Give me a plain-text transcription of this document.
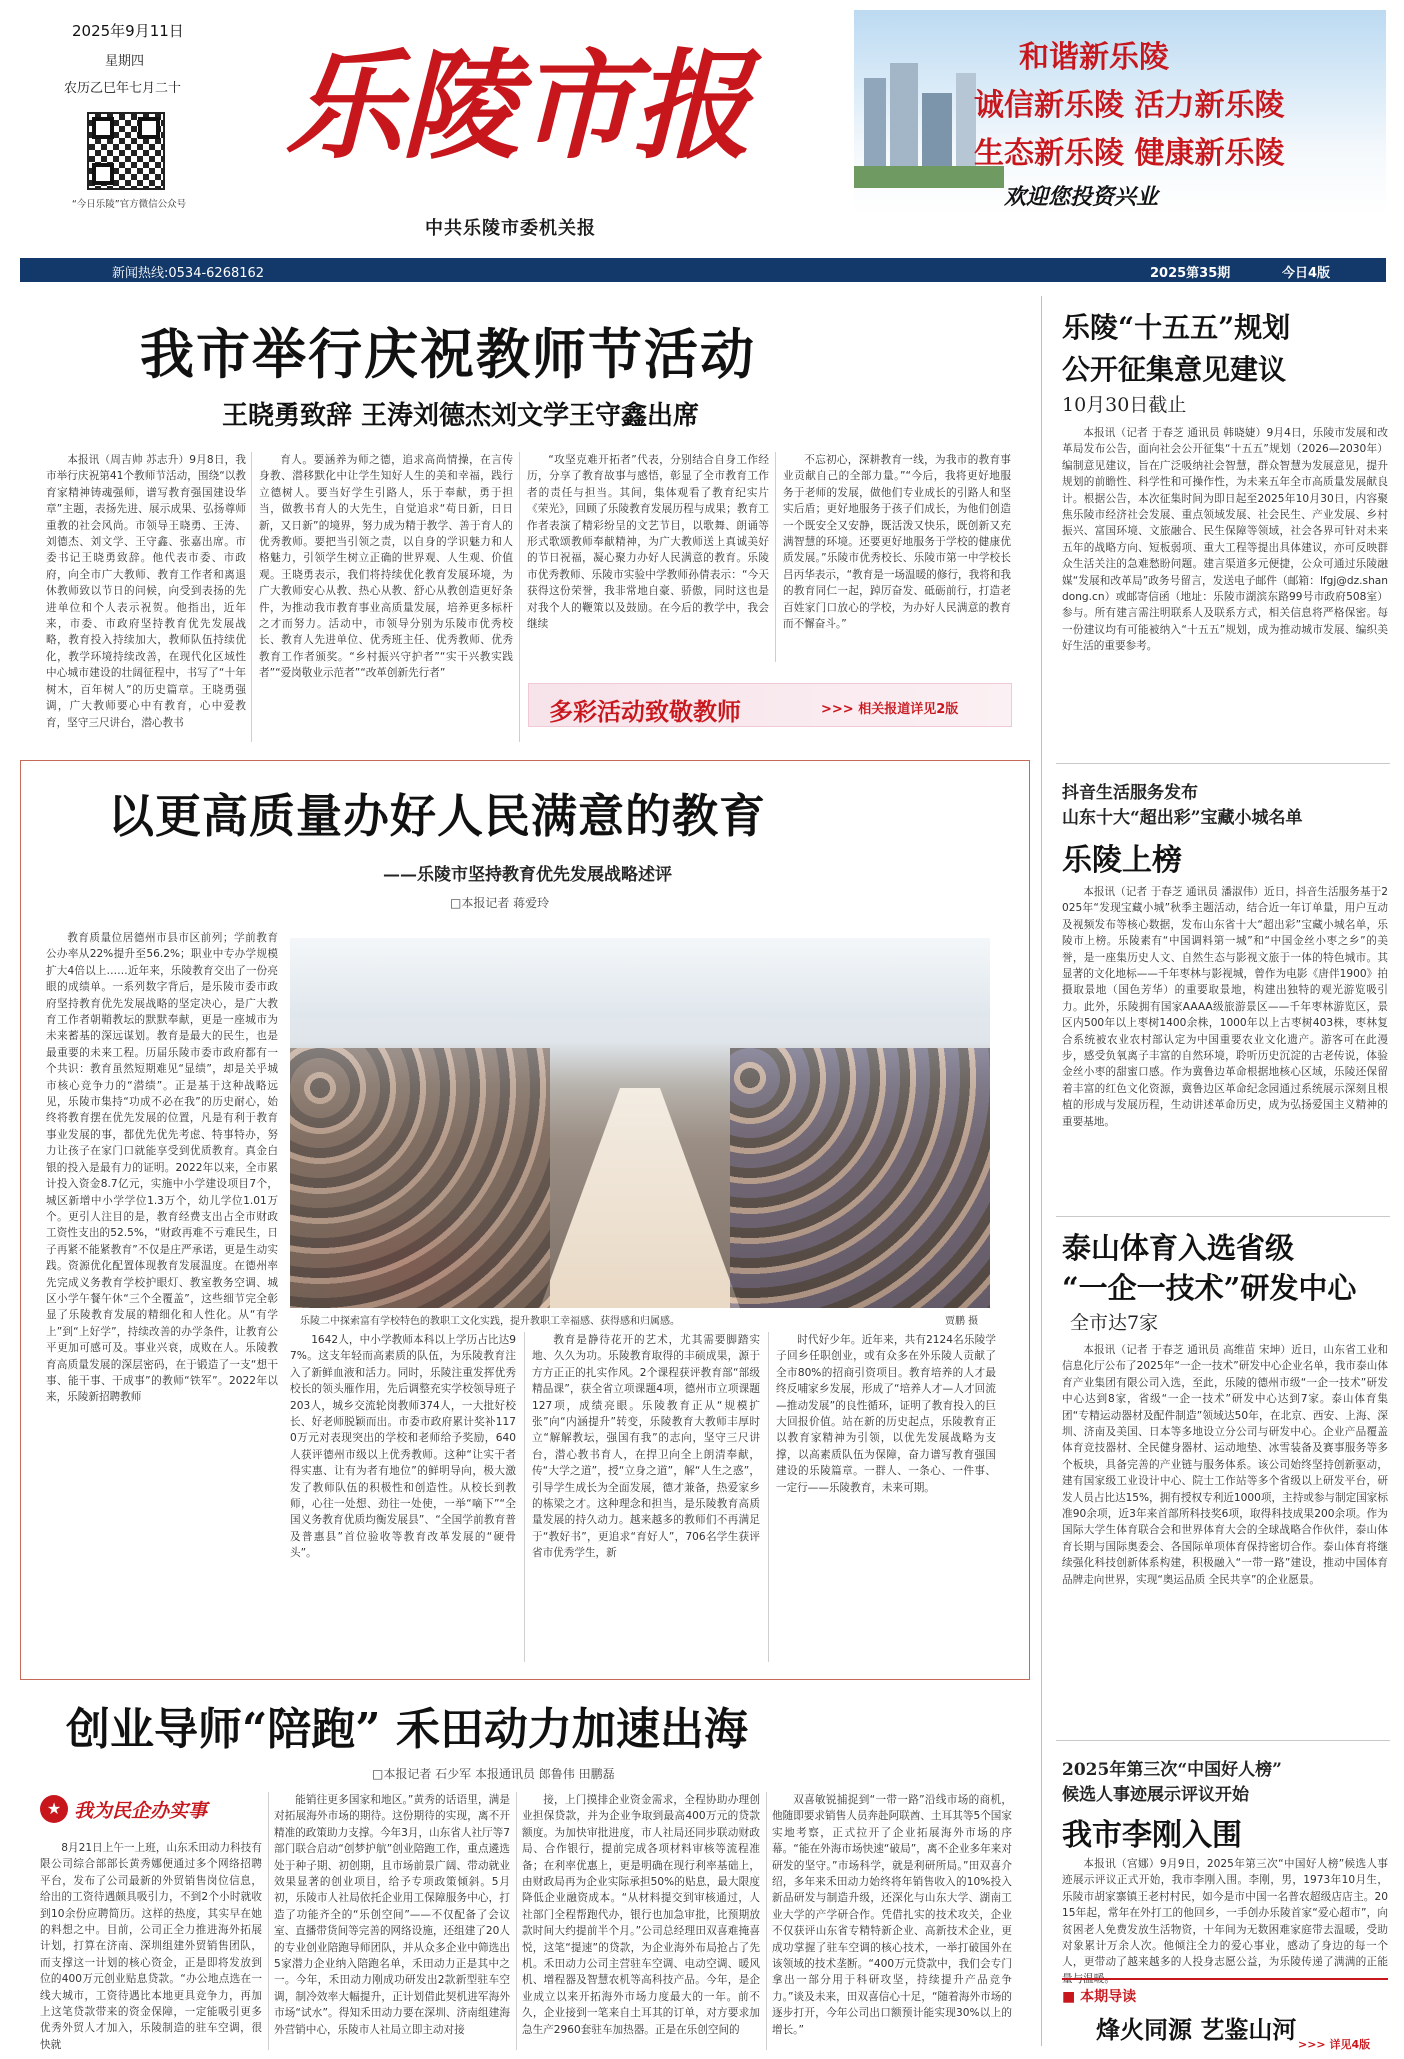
2025年9月11日
星期四
农历乙巳年七月二十
“今日乐陵”官方微信公众号
乐陵市报
中共乐陵市委机关报
和谐新乐陵
诚信新乐陵 活力新乐陵
生态新乐陵 健康新乐陵
欢迎您投资兴业
新闻热线:0534-6268162	2025第35期	今日4版
我市举行庆祝教师节活动
王晓勇致辞 王涛刘德杰刘文学王守鑫出席

本报讯（周吉帅 苏志升）9月8日，我市举行庆祝第41个教师节活动，围绕“以教育家精神铸魂强师，谱写教育强国建设华章”主题，表扬先进、展示成果、弘扬尊师重教的社会风尚。市领导王晓勇、王涛、刘德杰、刘文学、王守鑫、张嘉出席。市委书记王晓勇致辞。他代表市委、市政府，向全市广大教师、教育工作者和离退休教师致以节日的问候，向受到表扬的先进单位和个人表示祝贺。他指出，近年来，市委、市政府坚持教育优先发展战略，教育投入持续加大，教师队伍持续优化，教学环境持续改善，在现代化区域性中心城市建设的壮阔征程中，书写了“十年树木，百年树人”的历史篇章。王晓勇强调，广大教师要心中有教育，心中爱教育，坚守三尺讲台，潜心教书

育人。要涵养为师之德，追求高尚情操，在言传身教、潜移默化中让学生知好人生的美和幸福，践行立德树人。要当好学生引路人，乐于奉献，勇于担当，做教书育人的大先生，自觉追求“苟日新，日日新，又日新”的境界，努力成为精于教学、善于育人的优秀教师。要把当引领之责，以自身的学识魅力和人格魅力，引领学生树立正确的世界观、人生观、价值观。王晓勇表示，我们将持续优化教育发展环境，为广大教师安心从教、热心从教、舒心从教创造更好条件，为推动我市教育事业高质量发展，培养更多标杆之才而努力。活动中，市领导分别为乐陵市优秀校长、教育人先进单位、优秀班主任、优秀教师、优秀教育工作者颁奖。“乡村振兴守护者”“实干兴教实践者”“爱岗敬业示范者”“改革创新先行者”

“攻坚克难开拓者”代表，分别结合自身工作经历，分享了教育故事与感悟，彰显了全市教育工作者的责任与担当。其间，集体观看了教育纪实片《荣光》，回顾了乐陵教育发展历程与成果；教育工作者表演了精彩纷呈的文艺节目，以歌舞、朗诵等形式歌颂教师奉献精神，为广大教师送上真诚美好的节日祝福，凝心聚力办好人民满意的教育。乐陵市优秀教师、乐陵市实验中学教师孙倩表示：“今天获得这份荣誉，我非常地自豪、骄傲，同时这也是对我个人的鞭策以及鼓励。在今后的教学中，我会继续

不忘初心，深耕教育一线，为我市的教育事业贡献自己的全部力量。”“今后，我将更好地服务于老师的发展，做他们专业成长的引路人和坚实后盾；更好地服务于孩子们成长，为他们创造一个既安全又安静，既活泼又快乐，既创新又充满智慧的环境。还要更好地服务于学校的健康优质发展。”乐陵市优秀校长、乐陵市第一中学校长吕丙华表示，“教育是一场温暖的修行，我将和我的教育同仁一起，踔厉奋发、砥砺前行，打造老百姓家门口放心的学校，为办好人民满意的教育而不懈奋斗。”

多彩活动致敬教师	>>> 相关报道详见2版
以更高质量办好人民满意的教育
——乐陵市坚持教育优先发展战略述评
□本报记者 蒋爱玲

教育质量位居德州市县市区前列；学前教育公办率从22%提升至56.2%；职业中专办学规模扩大4倍以上……近年来，乐陵教育交出了一份亮眼的成绩单。一系列数字背后，是乐陵市委市政府坚持教育优先发展战略的坚定决心，是广大教育工作者朝鞘教坛的默默奉献，更是一座城市为未来蓄基的深远谋划。教育是最大的民生，也是最重要的未来工程。历届乐陵市委市政府都有一个共识：教育虽然短期难见“显绩”，却是关乎城市核心竞争力的“潜绩”。正是基于这种战略远见，乐陵市集持“功成不必在我”的历史耐心，始终将教育摆在优先发展的位置，凡是有利于教育事业发展的事，都优先优先考虑、特事特办，努力让孩子在家门口就能享受到优质教育。真金白银的投入是最有力的证明。2022年以来，全市累计投入资金8.7亿元，实施中小学建设项目7个，城区新增中小学学位1.3万个，幼儿学位1.01万个。更引人注目的是，教育经费支出占全市财政工资性支出的52.5%，“财政再难不亏难民生，日子再紧不能紧教育”不仅是庄严承诺，更是生动实践。资源优化配置体现教育发展温度。在德州率先完成义务教育学校护眼灯、教室教务空调、城区小学午餐午休“三个全覆盖”，这些细节完全彰显了乐陵教育发展的精细化和人性化。从“有学上”到“上好学”，持续改善的办学条件，让教育公平更加可感可及。事业兴衰，成败在人。乐陵教育高质量发展的深层密码，在于锻造了一支“想干事、能干事、干成事”的教师“铁军”。2022年以来，乐陵新招聘教师

乐陵二中探索富有学校特色的教职工文化实践，提升教职工幸福感、获得感和归属感。	贾鹏 摄

1642人，中小学教师本科以上学历占比达97%。这支年轻而高素质的队伍，为乐陵教育注入了新鲜血液和活力。同时，乐陵注重发挥优秀校长的领头雁作用，先后调整充实学校领导班子203人，城乡交流轮岗教师374人，一大批好校长、好老师脱颖而出。市委市政府累计奖补1170万元对表现突出的学校和老师给予奖励，640人获评德州市级以上优秀教师。这种“让实干者得实惠、让有为者有地位”的鲜明导向，极大激发了教师队伍的积极性和创造性。从校长到教师，心往一处想、劲往一处使，一举“嘀下”“全国义务教育优质均衡发展县”、“全国学前教育普及普惠县”首位验收等教育改革发展的“硬骨头”。

教育是静待花开的艺术，尤其需要脚踏实地、久久为功。乐陵教育取得的丰硕成果，源于方方正正的扎实作风。2个课程获评教育部“部级精品课”，获全省立项课题4项，德州市立项课题127项，成绩亮眼。乐陵教育正从“规模扩张”向“内涵提升”转变，乐陵教育大教师丰厚时立“解解教坛，强国有我”的志向，坚守三尺讲台，潜心教书育人，在捍卫向全上朗清奉献，传“大学之道”，授“立身之道”，解“人生之惑”，引导学生成长为全面发展，德才兼备，热爱家乡的栋梁之才。这种理念和担当，是乐陵教育高质量发展的持久动力。越来越多的教师们不再满足于“教好书”，更追求“育好人”，706名学生获评省市优秀学生，新

时代好少年。近年来，共有2124名乐陵学子回乡任职创业，或有众多在外乐陵人贡献了全市80%的招商引资项目。教育培养的人才最终反哺家乡发展，形成了“培养人才—人才回流—推动发展”的良性循环，证明了教育投入的巨大回报价值。站在新的历史起点，乐陵教育正以教育家精神为引领，以优先发展战略为支撑，以高素质队伍为保障，奋力谱写教育强国建设的乐陵篇章。一群人、一条心、一件事、一定行——乐陵教育，未来可期。

创业导师“陪跑” 禾田动力加速出海
□本报记者 石少军 本报通讯员 郎鲁伟 田鹏磊
★ 我为民企办实事

8月21日上午一上班，山东禾田动力科技有限公司综合部部长黄秀娜便通过多个网络招聘平台，发布了公司最新的外贸销售岗位信息，给出的工资待遇颇具吸引力，不到2个小时就收到10余份应聘简历。这样的热度，其实早在她的料想之中。目前，公司正全力推进海外拓展计划，打算在济南、深圳组建外贸销售团队，而支撑这一计划的核心资金，正是即将发放到位的400万元创业贴息贷款。“办公地点选在一线大城市，工资待遇比本地更具竞争力，再加上这笔贷款带来的资金保障，一定能吸引更多优秀外贸人才加入，乐陵制造的驻车空调，很快就

能销往更多国家和地区。”黄秀的话语里，满是对拓展海外市场的期待。这份期待的实现，离不开精准的政策助力支撑。今年3月，山东省人社厅等7部门联合启动“创梦护航”创业陪跑工作，重点遴选处于种子期、初创期，且市场前景广阔、带动就业效果显著的创业项目，给予专项政策倾斜。5月初，乐陵市人社局依托企业用工保障服务中心，打造了功能齐全的“乐创空间”——不仅配备了会议室、直播带货间等完善的网络设施，还组建了20人的专业创业陪跑导师团队，并从众多企业中筛选出5家潜力企业纳入陪跑名单，禾田动力正是其中之一。今年，禾田动力刚成功研发出2款新型驻车空调，制冷效率大幅提升，正计划借此契机进军海外市场“试水”。得知禾田动力要在深圳、济南组建海外营销中心，乐陵市人社局立即主动对接

接，上门摸排企业资金需求，全程协助办理创业担保贷款，并为企业争取到最高400万元的贷款额度。为加快审批进度，市人社局还同步联动财政局、合作银行，提前完成各项材料审核等流程准备；在利率优惠上，更是明确在现行利率基础上，由财政局再为企业实际承担50%的贴息，最大限度降低企业融资成本。“从材料提交到审核通过，人社部门全程帮跑代办，银行也加急审批，比预期放款时间大约提前半个月。”公司总经理田双喜难掩喜悦，这笔“提速”的贷款，为企业海外布局抢占了先机。禾田动力公司主营驻车空调、电动空调、暖风机、增程器及智慧农机等高科技产品。今年，是企业成立以来开拓海外市场力度最大的一年。前不久，企业接到一笔来自土耳其的订单，对方要求加急生产2960套驻车加热器。正是在乐创空间的

双喜敏锐捕捉到“一带一路”沿线市场的商机，他随即要求销售人员奔赴阿联酋、土耳其等5个国家实地考察，正式拉开了企业拓展海外市场的序幕。“能在外海市场快速“破局”，离不企业多年来对研发的坚守。”市场科学，就是利研所局。”田双喜介绍，多年来禾田动力始终将年销售收入的10%投入新品研发与制造升级，还深化与山东大学、湖南工业大学的产学研合作。凭借扎实的技术攻关，企业不仅获评山东省专精特新企业、高新技术企业，更成功掌握了驻车空调的核心技术，一举打破国外在该领域的技术垄断。“400万元贷款中，我们会专门拿出一部分用于科研攻坚，持续提升产品竞争力。”谈及未来，田双喜信心十足，“随着海外市场的逐步打开，今年公司出口额预计能实现30%以上的增长。”

乐陵“十五五”规划
公开征集意见建议
10月30日截止

本报讯（记者 于春芝 通讯员 韩晓婕）9月4日，乐陵市发展和改革局发布公告，面向社会公开征集“十五五”规划（2026—2030年）编制意见建议，旨在广泛吸纳社会智慧，群众智慧为发展意见，提升规划的前瞻性、科学性和可操作性，为未来五年全市高质量发展献良计。根据公告，本次征集时间为即日起至2025年10月30日，内容聚焦乐陵市经济社会发展、重点领域发展、社会民生、产业发展、乡村振兴、富国环境、文旅融合、民生保障等领域，社会各界可针对未来五年的战略方向、短板弱项、重大工程等提出具体建议，亦可反映群众生活关注的急难愁盼问题。建言渠道多元便捷，公众可通过乐陵融媒“发展和改革局”政务号留言，发送电子邮件（邮箱：lfgj@dz.shandong.cn）或邮寄信函（地址：乐陵市湖滨东路99号市政府508室）参与。所有建言需注明联系人及联系方式，相关信息将严格保密。每一份建议均有可能被纳入“十五五”规划，成为推动城市发展、编织美好生活的重要参考。

抖音生活服务发布
山东十大“超出彩”宝藏小城名单
乐陵上榜

本报讯（记者 于春芝 通讯员 潘淑伟）近日，抖音生活服务基于2025年“发现宝藏小城”秋季主题活动，结合近一年订单量，用户互动及视频发布等核心数据，发布山东省十大“超出彩”宝藏小城名单，乐陵市上榜。乐陵素有“中国调料第一城”和“中国金丝小枣之乡”的美誉，是一座集历史人文、自然生态与影视文旅于一体的特色城市。其显著的文化地标——千年枣林与影视城，曾作为电影《唐伴1900》拍摄取景地（国色芳华）的重要取景地，构建出独特的观光游览吸引力。此外，乐陵拥有国家AAAA级旅游景区——千年枣林游览区，景区内500年以上枣树1400余株，1000年以上古枣树403株，枣林复合系统被农业农村部认定为中国重要农业文化遗产。游客可在此漫步，感受负氧离子丰富的自然环境，聆听历史沉淀的古老传说，体验金丝小枣的甜蜜口感。作为冀鲁边革命根据地核心区域，乐陵还保留着丰富的红色文化资源，冀鲁边区革命纪念园通过系统展示深刻且根植的形成与发展历程，生动讲述革命历史，成为弘扬爱国主义精神的重要基地。

泰山体育入选省级
“一企一技术”研发中心
全市达7家

本报讯（记者 于春芝 通讯员 高维苗 宋坤）近日，山东省工业和信息化厅公布了2025年“一企一技术”研发中心企业名单，我市泰山体育产业集团有限公司入选，至此，乐陵的德州市级“一企一技术”研发中心达到8家，省级“一企一技术”研发中心达到7家。泰山体育集团“专精运动器材及配件制造”领域达50年，在北京、西安、上海、深圳、济南及美国、日本等多地设立分公司与研发中心。企业产品覆盖体育竞技器材、全民健身器材、运动地垫、冰雪装备及赛事服务等多个板块，具备完善的产业链与服务体系。该公司始终坚持创新驱动，建有国家级工业设计中心、院士工作站等多个省级以上研发平台，研发人员占比达15%，拥有授权专利近1000项，主持或参与制定国家标准90余项，近3年来首部所科技奖6项，取得科技成果200余项。作为国际大学生体育联合会和世界体育大会的全球战略合作伙伴，泰山体育长期与国际奥委会、各国际单项体育保持密切合作。泰山体育将继续强化科技创新体系构建，积极融入“一带一路”建设，推动中国体育品牌走向世界，实现“奥运品质 全民共享”的企业愿景。

2025年第三次“中国好人榜”
候选人事迹展示评议开始
我市李刚入围

本报讯（宫娜）9月9日，2025年第三次“中国好人榜”候选人事迹展示评议正式开始，我市李刚入围。李刚，男，1973年10月生，乐陵市胡家寨镇王老村村民，如今是市中国一名普农超级店店主。2015年起，常年在外打工的他回乡，一手创办乐陵首家“爱心超市”，向贫困老人免费发放生活物资，十年间为无数困难家庭带去温暖，受助对象累计万余人次。他倾注全力的爱心事业，感动了身边的每一个人，更带动了越来越多的人投身志愿公益，为乐陵传递了满满的正能量与温暖。

■ 本期导读
烽火同源 艺鉴山河
>>> 详见4版
